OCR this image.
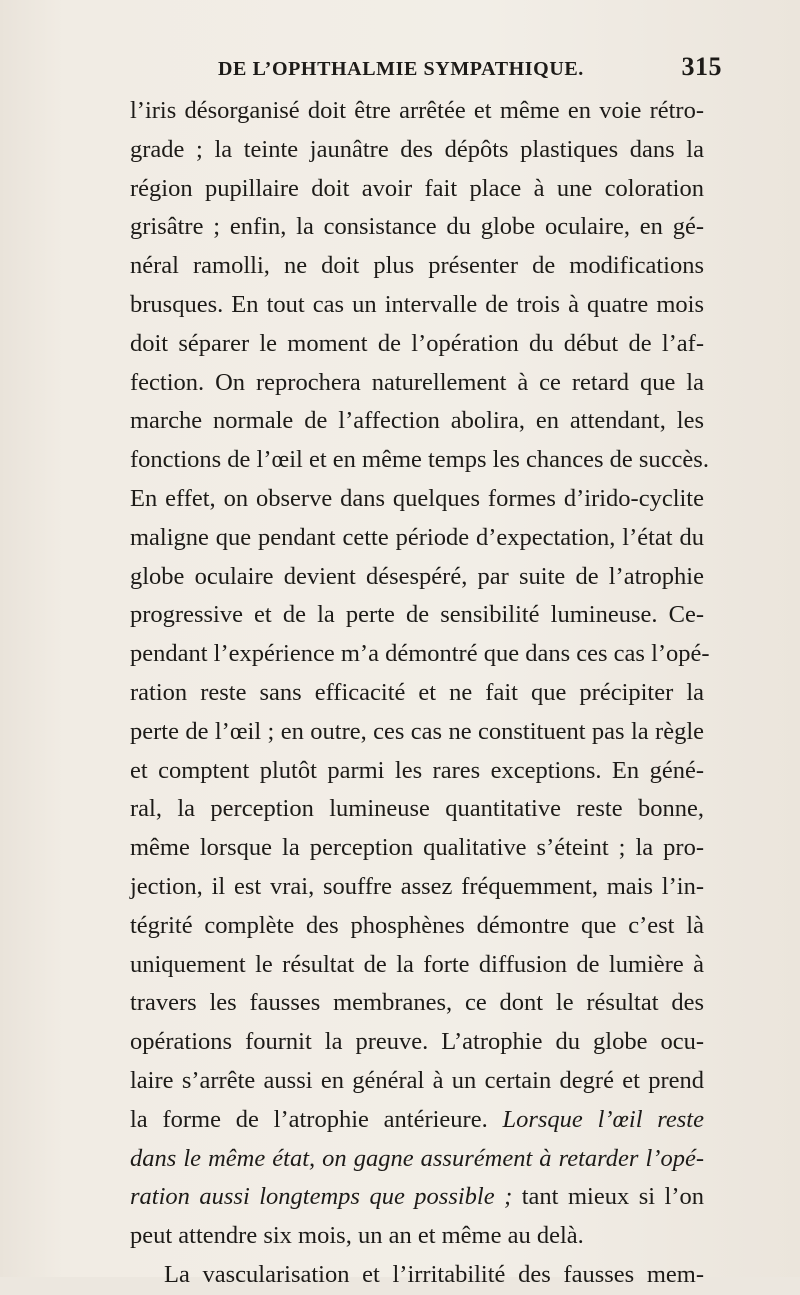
DE L’OPHTHALMIE SYMPATHIQUE.	315
l’iris désorganisé doit être arrêtée et même en voie rétro-
grade ; la teinte jaunâtre des dépôts plastiques dans la
région pupillaire doit avoir fait place à une coloration
grisâtre ; enfin, la consistance du globe oculaire, en gé-
néral ramolli, ne doit plus présenter de modifications
brusques. En tout cas un intervalle de trois à quatre mois
doit séparer le moment de l’opération du début de l’af-
fection. On reprochera naturellement à ce retard que la
marche normale de l’affection abolira, en attendant, les
fonctions de l’œil et en même temps les chances de succès.
En effet, on observe dans quelques formes d’irido-cyclite
maligne que pendant cette période d’expectation, l’état du
globe oculaire devient désespéré, par suite de l’atrophie
progressive et de la perte de sensibilité lumineuse. Ce-
pendant l’expérience m’a démontré que dans ces cas l’opé-
ration reste sans efficacité et ne fait que précipiter la
perte de l’œil ; en outre, ces cas ne constituent pas la règle
et comptent plutôt parmi les rares exceptions. En géné-
ral, la perception lumineuse quantitative reste bonne,
même lorsque la perception qualitative s’éteint ; la pro-
jection, il est vrai, souffre assez fréquemment, mais l’in-
tégrité complète des phosphènes démontre que c’est là
uniquement le résultat de la forte diffusion de lumière à
travers les fausses membranes, ce dont le résultat des
opérations fournit la preuve. L’atrophie du globe ocu-
laire s’arrête aussi en général à un certain degré et prend
la forme de l’atrophie antérieure. Lorsque l’œil reste
dans le même état, on gagne assurément à retarder l’opé-
ration aussi longtemps que possible ; tant mieux si l’on
peut attendre six mois, un an et même au delà.
La vascularisation et l’irritabilité des fausses mem-
